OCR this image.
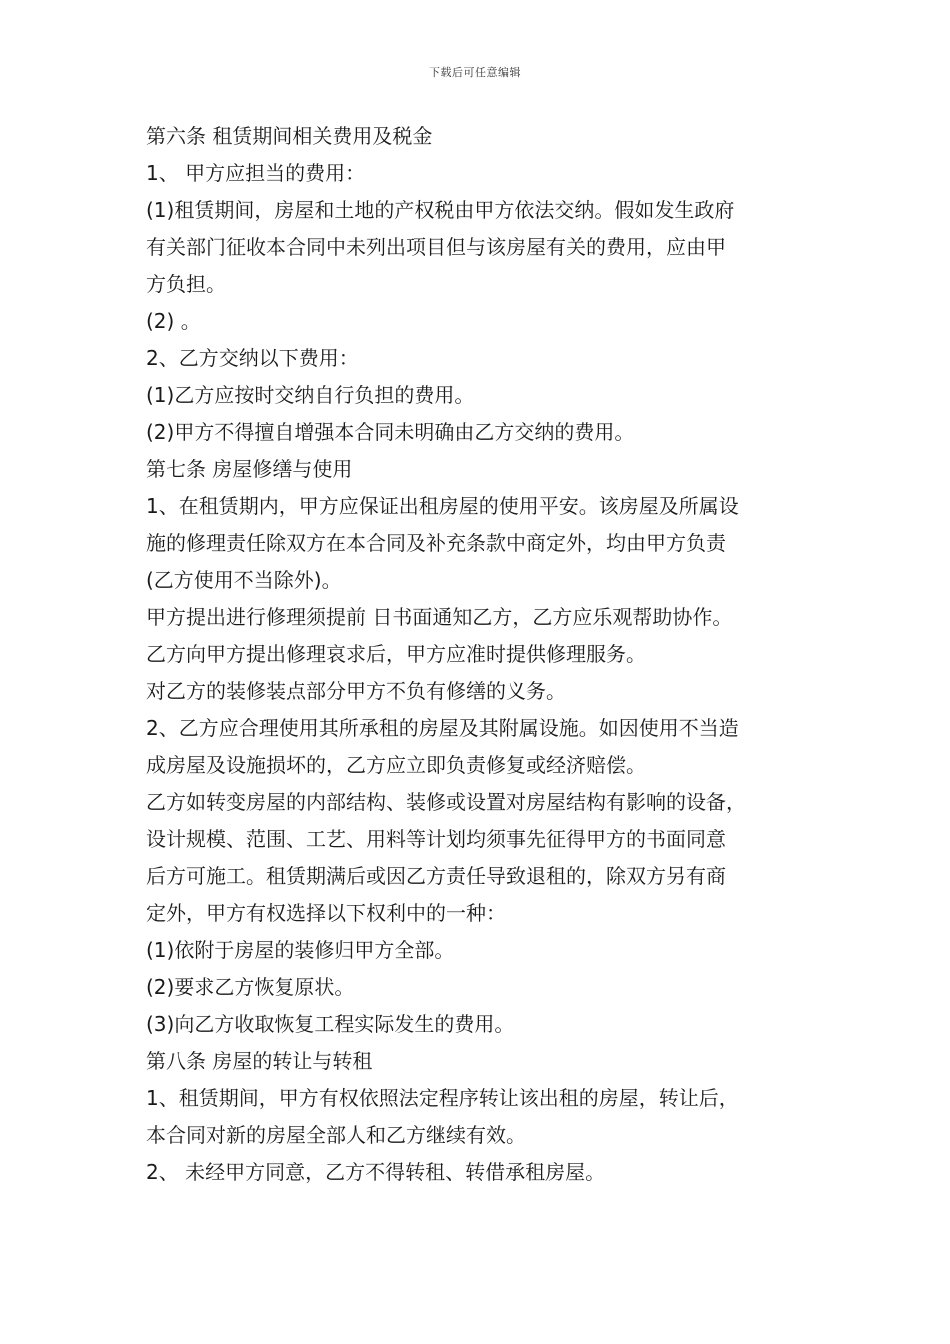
下载后可任意编辑
第六条 租赁期间相关费用及税金
1、 甲方应担当的费用：
(1)租赁期间，房屋和土地的产权税由甲方依法交纳。假如发生政府
有关部门征收本合同中未列出项目但与该房屋有关的费用，应由甲
方负担。
(2) 。
2、乙方交纳以下费用：
(1)乙方应按时交纳自行负担的费用。
(2)甲方不得擅自增强本合同未明确由乙方交纳的费用。
第七条 房屋修缮与使用
1、在租赁期内，甲方应保证出租房屋的使用平安。该房屋及所属设
施的修理责任除双方在本合同及补充条款中商定外，均由甲方负责
(乙方使用不当除外)。
甲方提出进行修理须提前 日书面通知乙方，乙方应乐观帮助协作。
乙方向甲方提出修理哀求后，甲方应准时提供修理服务。
对乙方的装修装点部分甲方不负有修缮的义务。
2、乙方应合理使用其所承租的房屋及其附属设施。如因使用不当造
成房屋及设施损坏的，乙方应立即负责修复或经济赔偿。
乙方如转变房屋的内部结构、装修或设置对房屋结构有影响的设备，
设计规模、范围、工艺、用料等计划均须事先征得甲方的书面同意
后方可施工。租赁期满后或因乙方责任导致退租的，除双方另有商
定外，甲方有权选择以下权利中的一种：
(1)依附于房屋的装修归甲方全部。
(2)要求乙方恢复原状。
(3)向乙方收取恢复工程实际发生的费用。
第八条 房屋的转让与转租
1、租赁期间，甲方有权依照法定程序转让该出租的房屋，转让后，
本合同对新的房屋全部人和乙方继续有效。
2、 未经甲方同意，乙方不得转租、转借承租房屋。
